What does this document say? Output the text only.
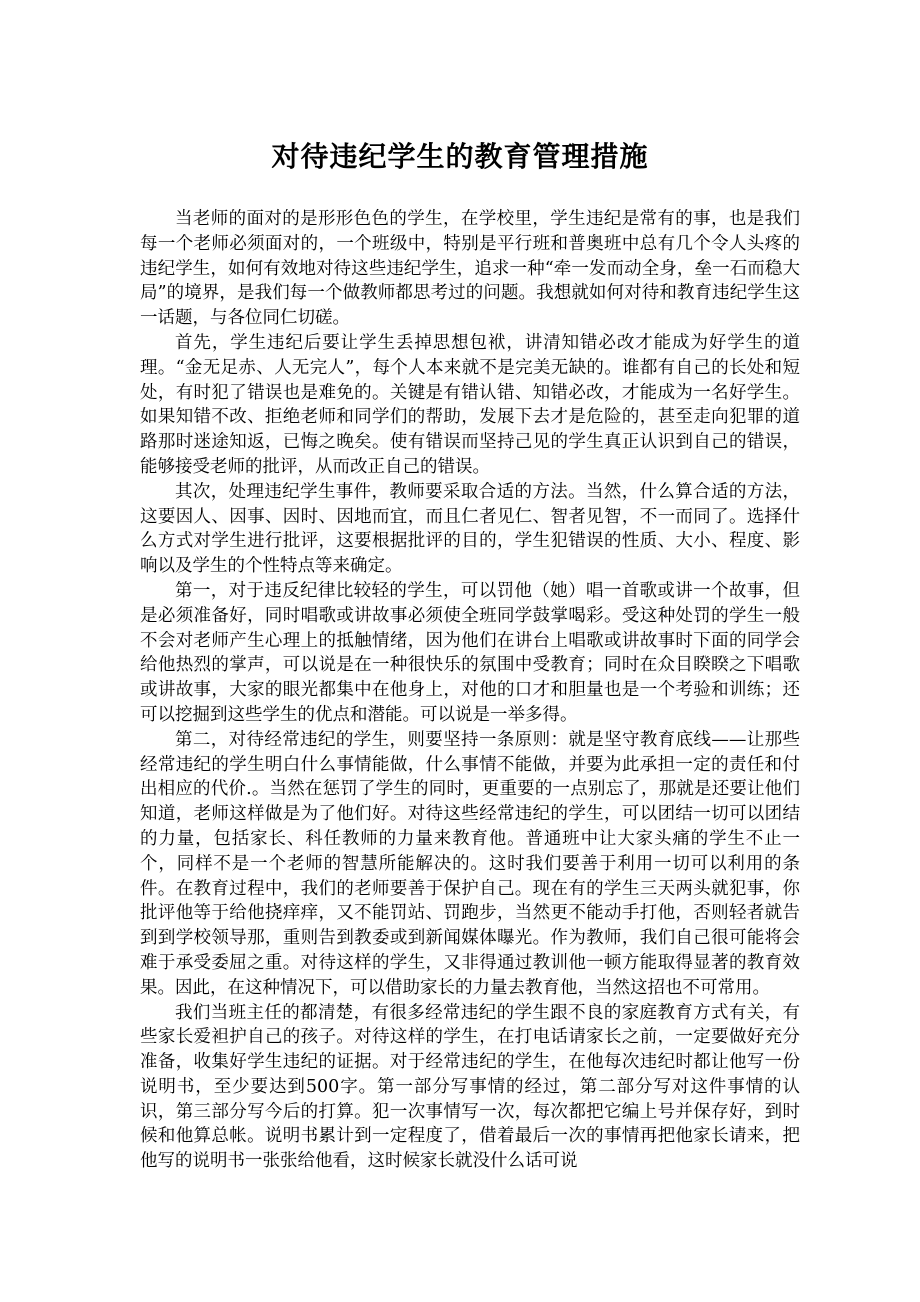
对待违纪学生的教育管理措施

当老师的面对的是形形色色的学生，在学校里，学生违纪是常有的事，也是我们每一个老师必须面对的，一个班级中，特别是平行班和普奥班中总有几个令人头疼的违纪学生，如何有效地对待这些违纪学生，追求一种“牵一发而动全身，垒一石而稳大局”的境界，是我们每一个做教师都思考过的问题。我想就如何对待和教育违纪学生这一话题，与各位同仁切磋。

首先，学生违纪后要让学生丢掉思想包袱，讲清知错必改才能成为好学生的道理。“金无足赤、人无完人”，每个人本来就不是完美无缺的。谁都有自己的长处和短处，有时犯了错误也是难免的。关键是有错认错、知错必改，才能成为一名好学生。如果知错不改、拒绝老师和同学们的帮助，发展下去才是危险的，甚至走向犯罪的道路那时迷途知返，已悔之晚矣。使有错误而坚持己见的学生真正认识到自己的错误，能够接受老师的批评，从而改正自己的错误。

其次，处理违纪学生事件，教师要采取合适的方法。当然，什么算合适的方法，这要因人、因事、因时、因地而宜，而且仁者见仁、智者见智，不一而同了。选择什么方式对学生进行批评，这要根据批评的目的，学生犯错误的性质、大小、程度、影响以及学生的个性特点等来确定。

第一，对于违反纪律比较轻的学生，可以罚他（她）唱一首歌或讲一个故事，但是必须准备好，同时唱歌或讲故事必须使全班同学鼓掌喝彩。受这种处罚的学生一般不会对老师产生心理上的抵触情绪，因为他们在讲台上唱歌或讲故事时下面的同学会给他热烈的掌声，可以说是在一种很快乐的氛围中受教育；同时在众目睽睽之下唱歌或讲故事，大家的眼光都集中在他身上，对他的口才和胆量也是一个考验和训练；还可以挖掘到这些学生的优点和潜能。可以说是一举多得。

第二，对待经常违纪的学生，则要坚持一条原则：就是坚守教育底线——让那些经常违纪的学生明白什么事情能做，什么事情不能做，并要为此承担一定的责任和付出相应的代价.。当然在惩罚了学生的同时，更重要的一点别忘了，那就是还要让他们知道，老师这样做是为了他们好。对待这些经常违纪的学生，可以团结一切可以团结的力量，包括家长、科任教师的力量来教育他。普通班中让大家头痛的学生不止一个，同样不是一个老师的智慧所能解决的。这时我们要善于利用一切可以利用的条件。在教育过程中，我们的老师要善于保护自己。现在有的学生三天两头就犯事，你批评他等于给他挠痒痒，又不能罚站、罚跑步，当然更不能动手打他，否则轻者就告到到学校领导那，重则告到教委或到新闻媒体曝光。作为教师，我们自己很可能将会难于承受委屈之重。对待这样的学生，又非得通过教训他一顿方能取得显著的教育效果。因此，在这种情况下，可以借助家长的力量去教育他，当然这招也不可常用。

我们当班主任的都清楚，有很多经常违纪的学生跟不良的家庭教育方式有关，有些家长爱袒护自己的孩子。对待这样的学生，在打电话请家长之前，一定要做好充分准备，收集好学生违纪的证据。对于经常违纪的学生，在他每次违纪时都让他写一份说明书，至少要达到500字。第一部分写事情的经过，第二部分写对这件事情的认识，第三部分写今后的打算。犯一次事情写一次，每次都把它编上号并保存好，到时候和他算总帐。说明书累计到一定程度了，借着最后一次的事情再把他家长请来，把他写的说明书一张张给他看，这时候家长就没什么话可说
